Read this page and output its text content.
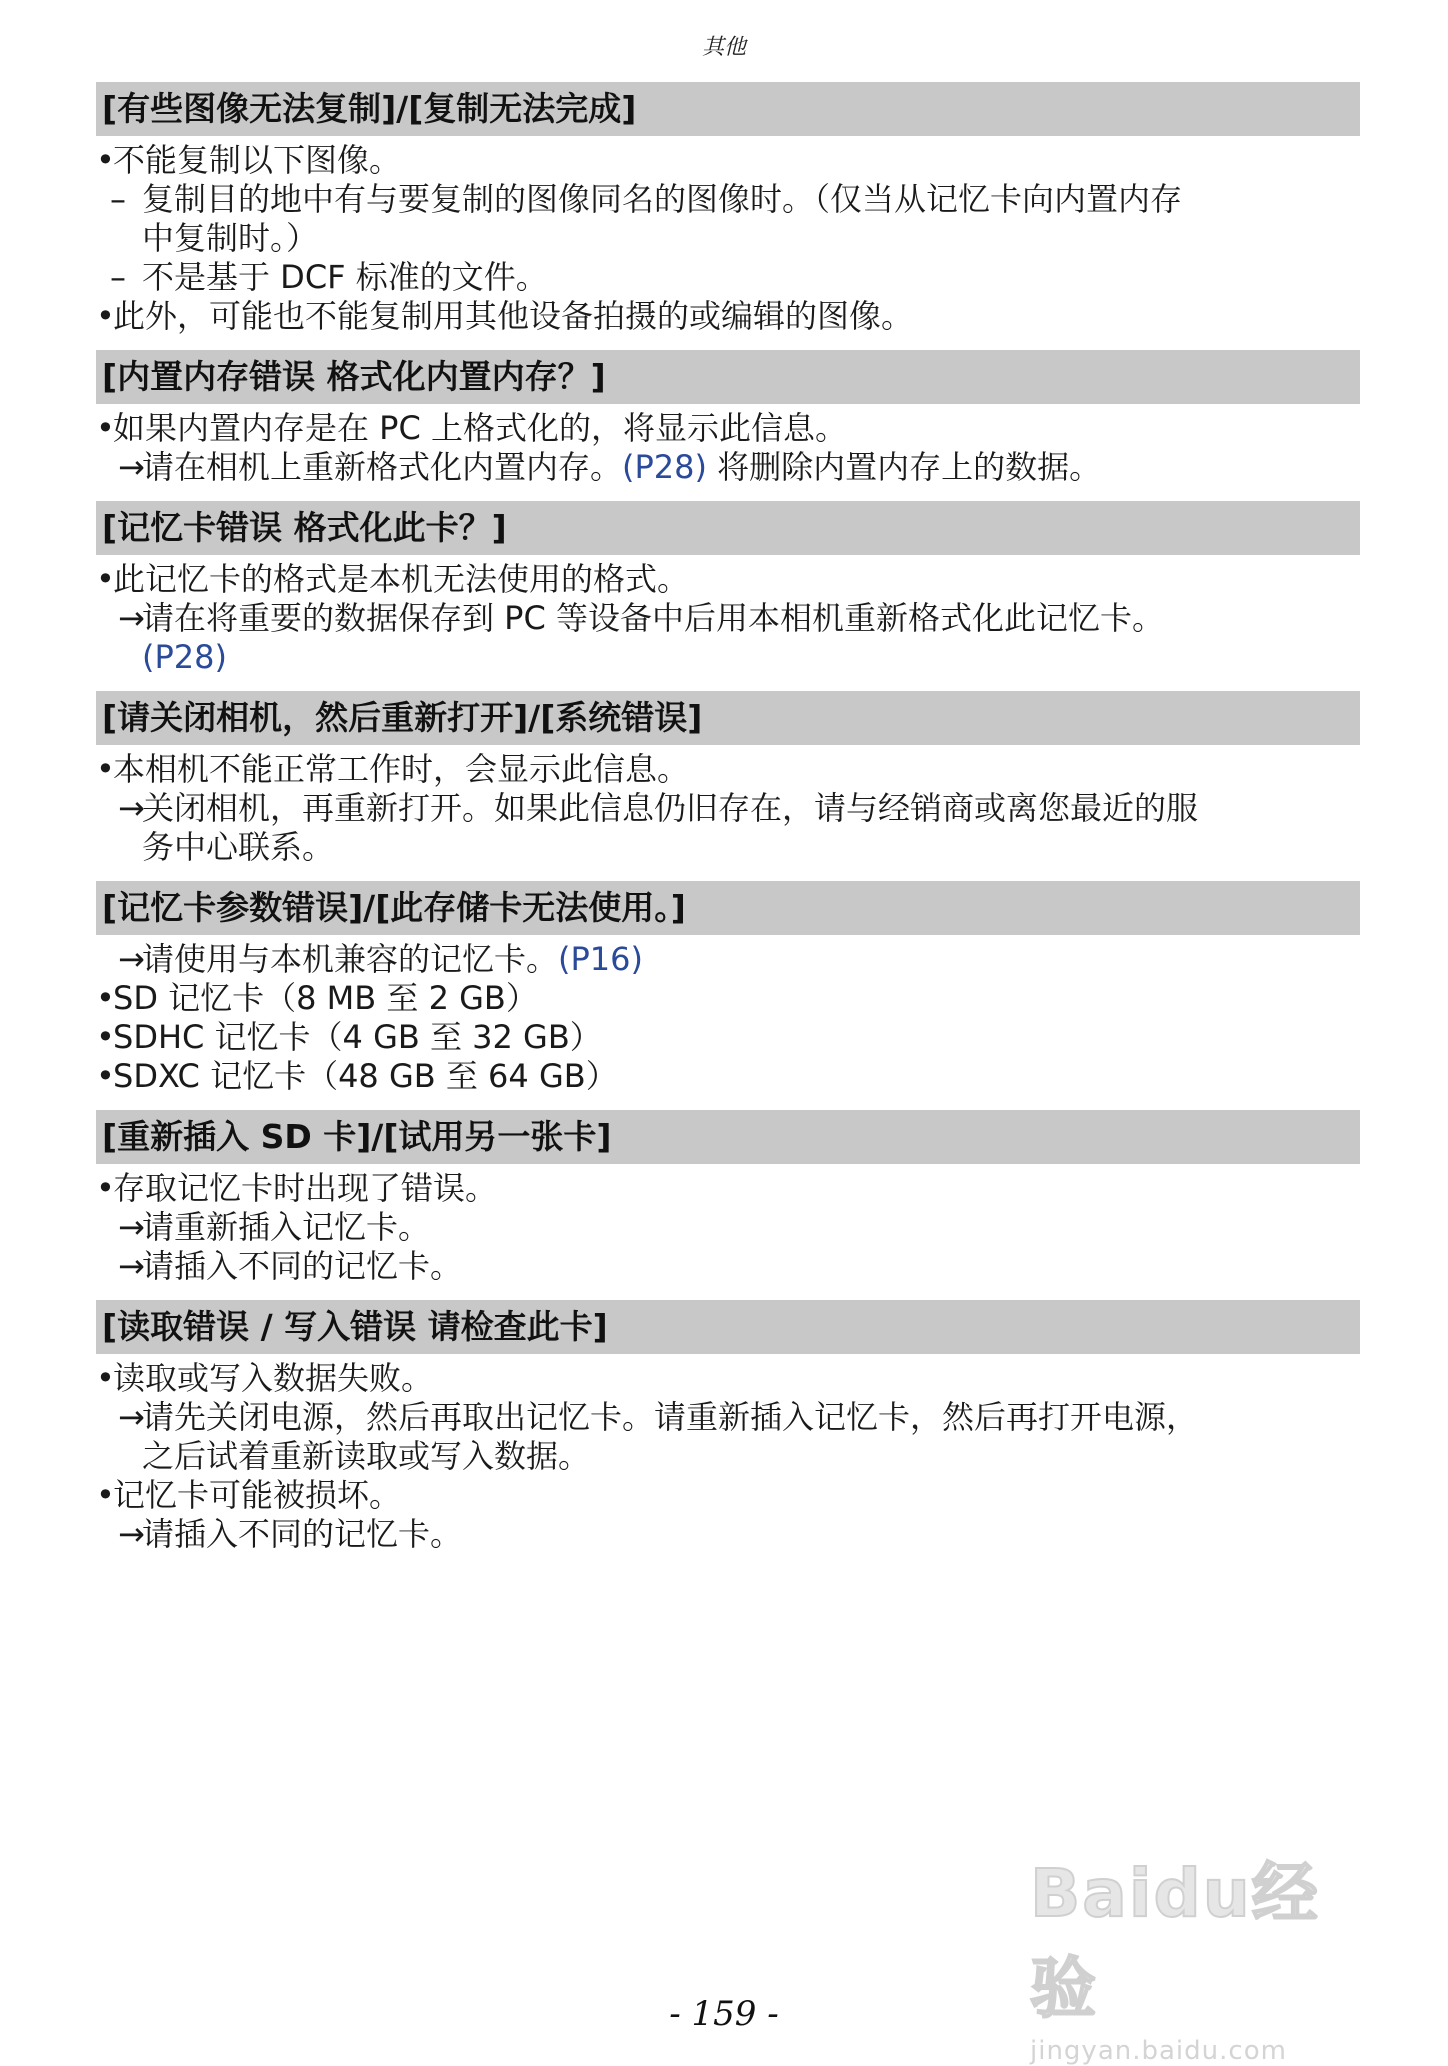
其他
[有些图像无法复制]/[复制无法完成]
•
不能复制以下图像。
– 复制目的地中有与要复制的图像同名的图像时。（仅当从记忆卡向内置内存
中复制时。）
– 不是基于 DCF 标准的文件。
•
此外，可能也不能复制用其他设备拍摄的或编辑的图像。
[内置内存错误 格式化内置内存？]
•
如果内置内存是在 PC 上格式化的，将显示此信息。
→
请在相机上重新格式化内置内存。(P28) 将删除内置内存上的数据。
[记忆卡错误 格式化此卡？]
•
此记忆卡的格式是本机无法使用的格式。
→
请在将重要的数据保存到 PC 等设备中后用本相机重新格式化此记忆卡。
(P28)
[请关闭相机，然后重新打开]/[系统错误]
•
本相机不能正常工作时，会显示此信息。
→
关闭相机，再重新打开。如果此信息仍旧存在，请与经销商或离您最近的服
务中心联系。
[记忆卡参数错误]/[此存储卡无法使用。]
→
请使用与本机兼容的记忆卡。(P16)
•
SD 记忆卡（8 MB 至 2 GB）
•
SDHC 记忆卡（4 GB 至 32 GB）
•
SDXC 记忆卡（48 GB 至 64 GB）
[重新插入 SD 卡]/[试用另一张卡]
•
存取记忆卡时出现了错误。
→
请重新插入记忆卡。
→
请插入不同的记忆卡。
[读取错误 / 写入错误 请检查此卡]
•
读取或写入数据失败。
→
请先关闭电源，然后再取出记忆卡。请重新插入记忆卡，然后再打开电源，
之后试着重新读取或写入数据。
•
记忆卡可能被损坏。
→
请插入不同的记忆卡。
Baidu经验
jingyan.baidu.com
- 159 -
